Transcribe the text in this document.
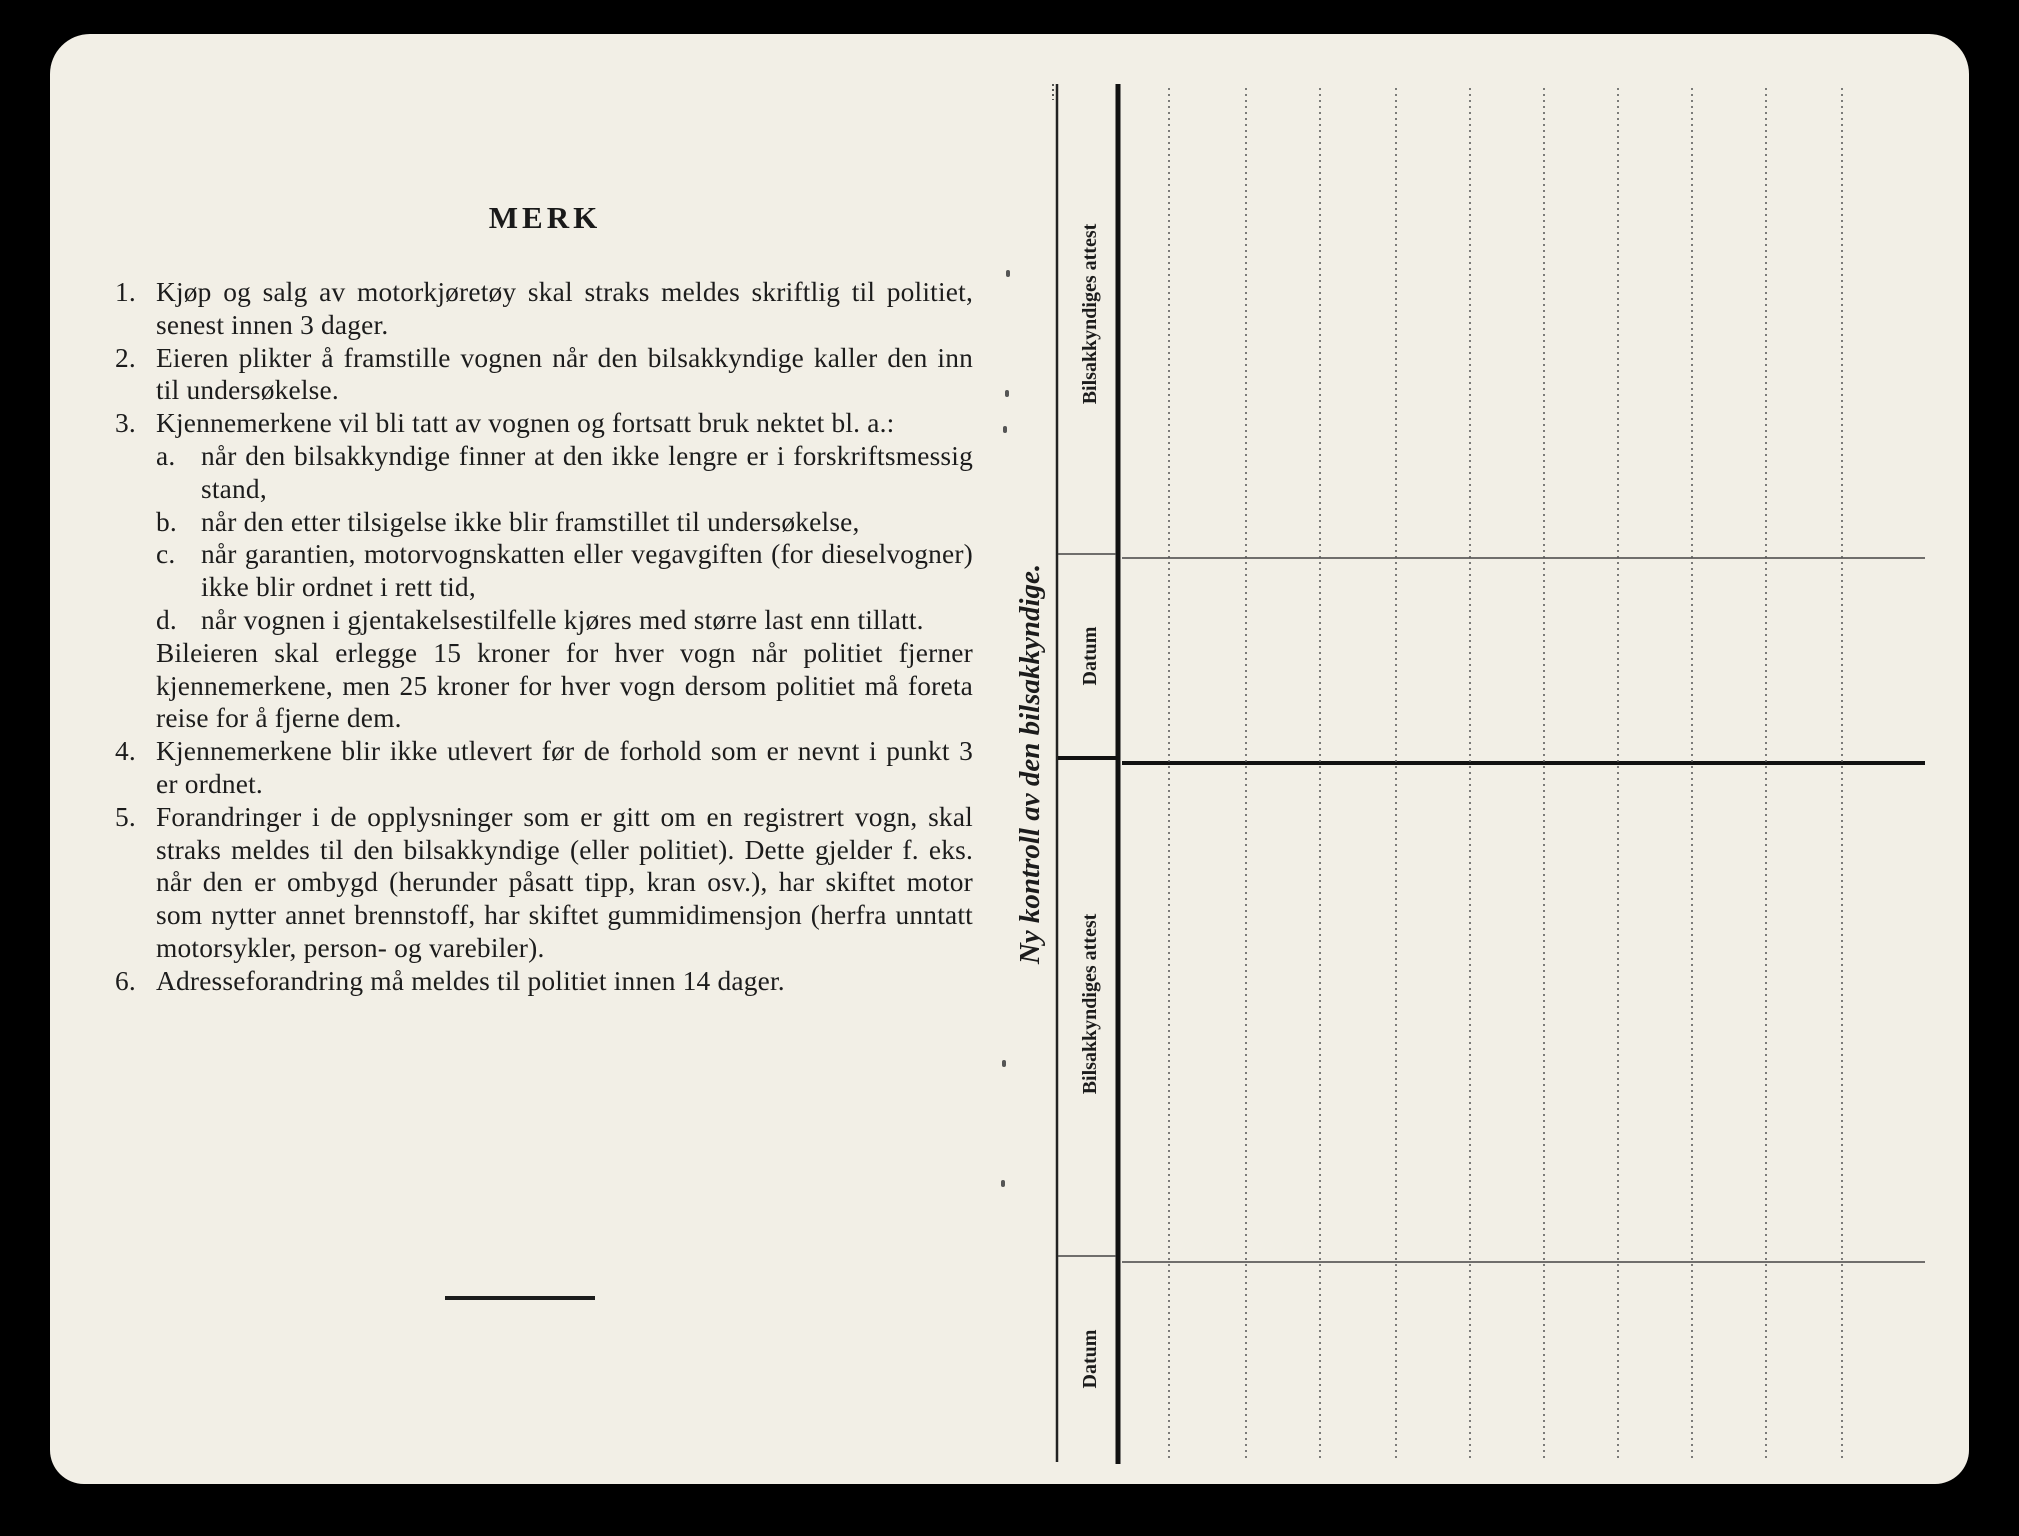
MERK
1. Kjøp og salg av motorkjøretøy skal straks meldes skriftlig til politiet, senest innen 3 dager.
2. Eieren plikter å framstille vognen når den bilsakkyndige kaller den inn til undersøkelse.
3. Kjennemerkene vil bli tatt av vognen og fortsatt bruk nektet bl. a.:
a. når den bilsakkyndige finner at den ikke lengre er i forskriftsmessig stand,
b. når den etter tilsigelse ikke blir framstillet til undersøkelse,
c. når garantien, motorvognskatten eller vegavgiften (for dieselvogner) ikke blir ordnet i rett tid,
d. når vognen i gjentakelsestilfelle kjøres med større last enn tillatt.
Bileieren skal erlegge 15 kroner for hver vogn når politiet fjerner kjennemerkene, men 25 kroner for hver vogn dersom politiet må foreta reise for å fjerne dem.
4. Kjennemerkene blir ikke utlevert før de forhold som er nevnt i punkt 3 er ordnet.
5. Forandringer i de opplysninger som er gitt om en registrert vogn, skal straks meldes til den bilsakkyndige (eller politiet). Dette gjelder f. eks. når den er ombygd (herunder påsatt tipp, kran osv.), har skiftet motor som nytter annet brennstoff, har skiftet gummidimensjon (herfra unntatt motorsykler, person- og varebiler).
6. Adresseforandring må meldes til politiet innen 14 dager.
Ny kontroll av den bilsakkyndige.
Bilsakkyndiges attest
Datum
Bilsakkyndiges attest
Datum
